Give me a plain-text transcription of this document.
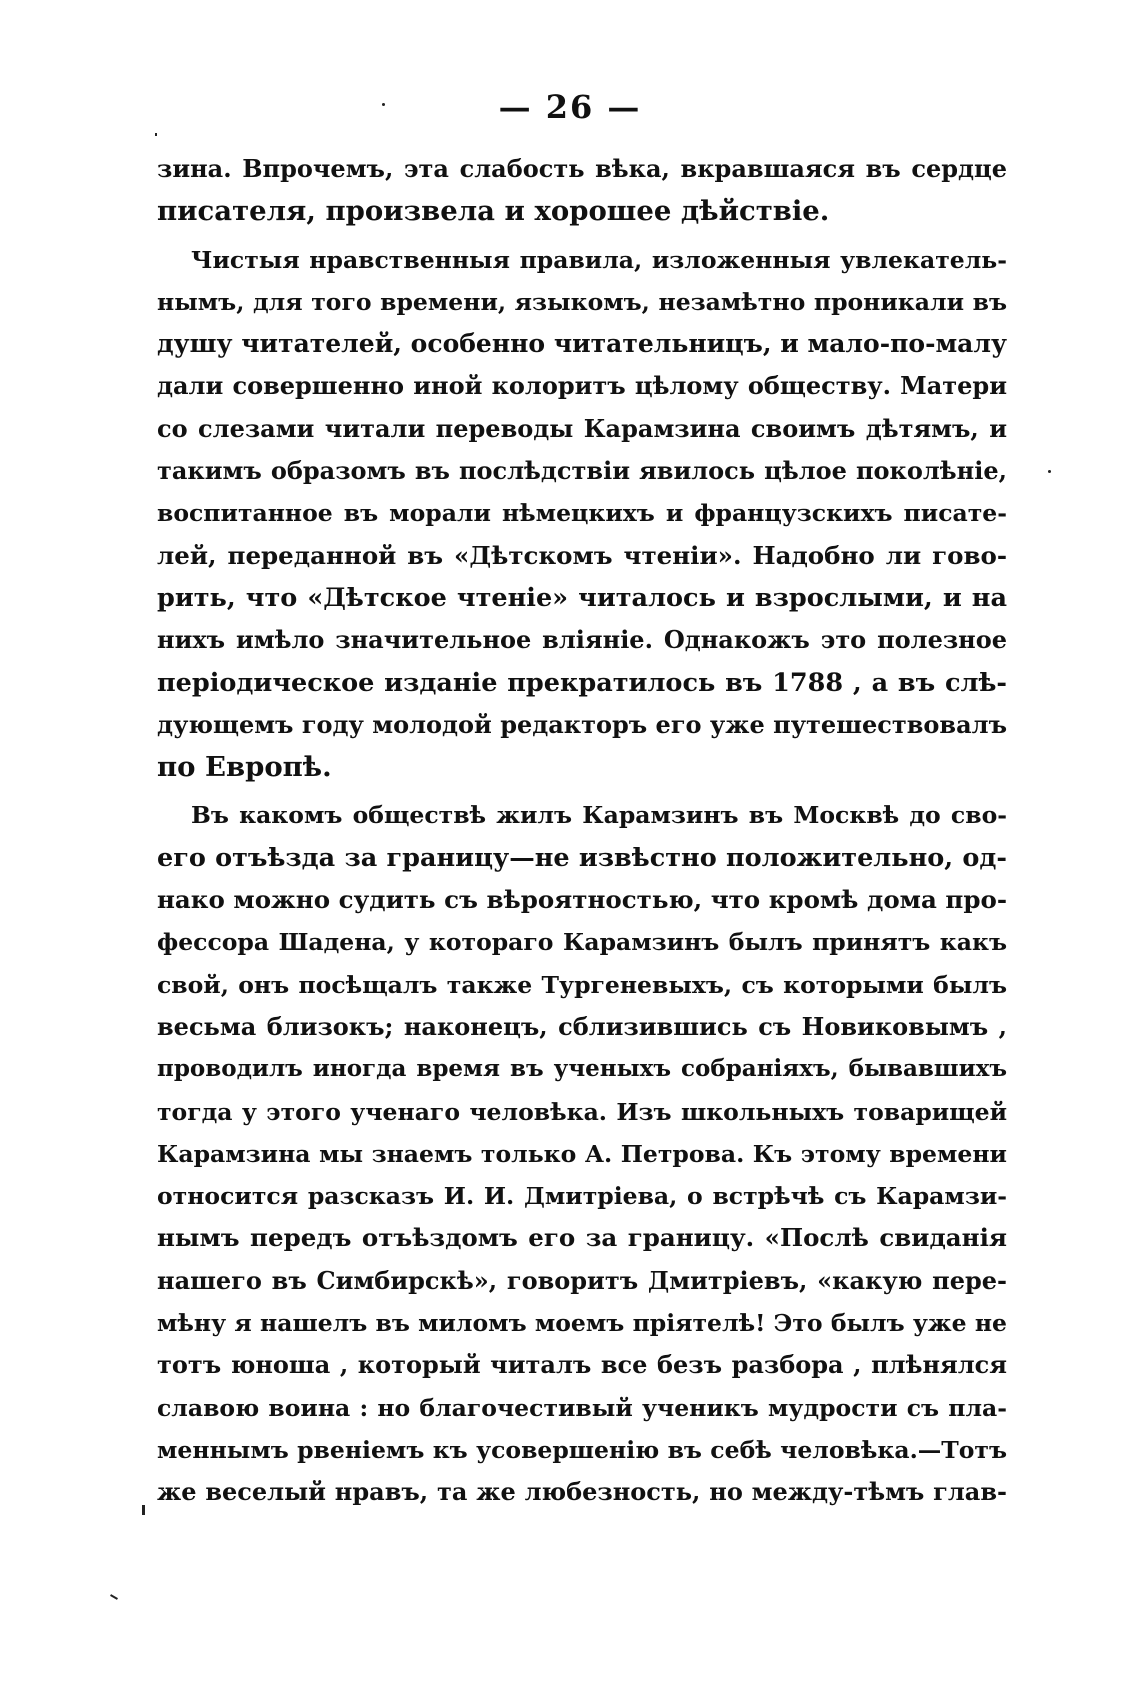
— 26 —
зина. Впрочемъ, эта слабость вѣка, вкравшаяся въ сердце
писателя, произвела и хорошее дѣйствіе.
Чистыя нравственныя правила, изложенныя увлекатель-
нымъ, для того времени, языкомъ, незамѣтно проникали въ
душу читателей, особенно читательницъ, и мало-по-малу
дали совершенно иной колоритъ цѣлому обществу. Матери
со слезами читали переводы Карамзина своимъ дѣтямъ, и
такимъ образомъ въ послѣдствіи явилось цѣлое поколѣніе,
воспитанное въ морали нѣмецкихъ и французскихъ писате-
лей, переданной въ «Дѣтскомъ чтеніи». Надобно ли гово-
рить, что «Дѣтское чтеніе» читалось и взрослыми, и на
нихъ имѣло значительное вліяніе. Однакожъ это полезное
періодическое изданіе прекратилось въ 1788 , а въ слѣ-
дующемъ году молодой редакторъ его уже путешествовалъ
по Европѣ.
Въ какомъ обществѣ жилъ Карамзинъ въ Москвѣ до сво-
его отъѣзда за границу—не извѣстно положительно, од-
нако можно судить съ вѣроятностью, что кромѣ дома про-
фессора Шадена, у котораго Карамзинъ былъ принятъ какъ
свой, онъ посѣщалъ также Тургеневыхъ, съ которыми былъ
весьма близокъ; наконецъ, сблизившись съ Новиковымъ ,
проводилъ иногда время въ ученыхъ собраніяхъ, бывавшихъ
тогда у этого ученаго человѣка. Изъ школьныхъ товарищей
Карамзина мы знаемъ только А. Петрова. Къ этому времени
относится разсказъ И. И. Дмитріева, о встрѣчѣ съ Карамзи-
нымъ передъ отъѣздомъ его за границу. «Послѣ свиданія
нашего въ Симбирскѣ», говоритъ Дмитріевъ, «какую пере-
мѣну я нашелъ въ миломъ моемъ пріятелѣ! Это былъ уже не
тотъ юноша , который читалъ все безъ разбора , плѣнялся
славою воина : но благочестивый ученикъ мудрости съ пла-
меннымъ рвеніемъ къ усовершенію въ себѣ человѣка.—Тотъ
же веселый нравъ, та же любезность, но между-тѣмъ глав-
